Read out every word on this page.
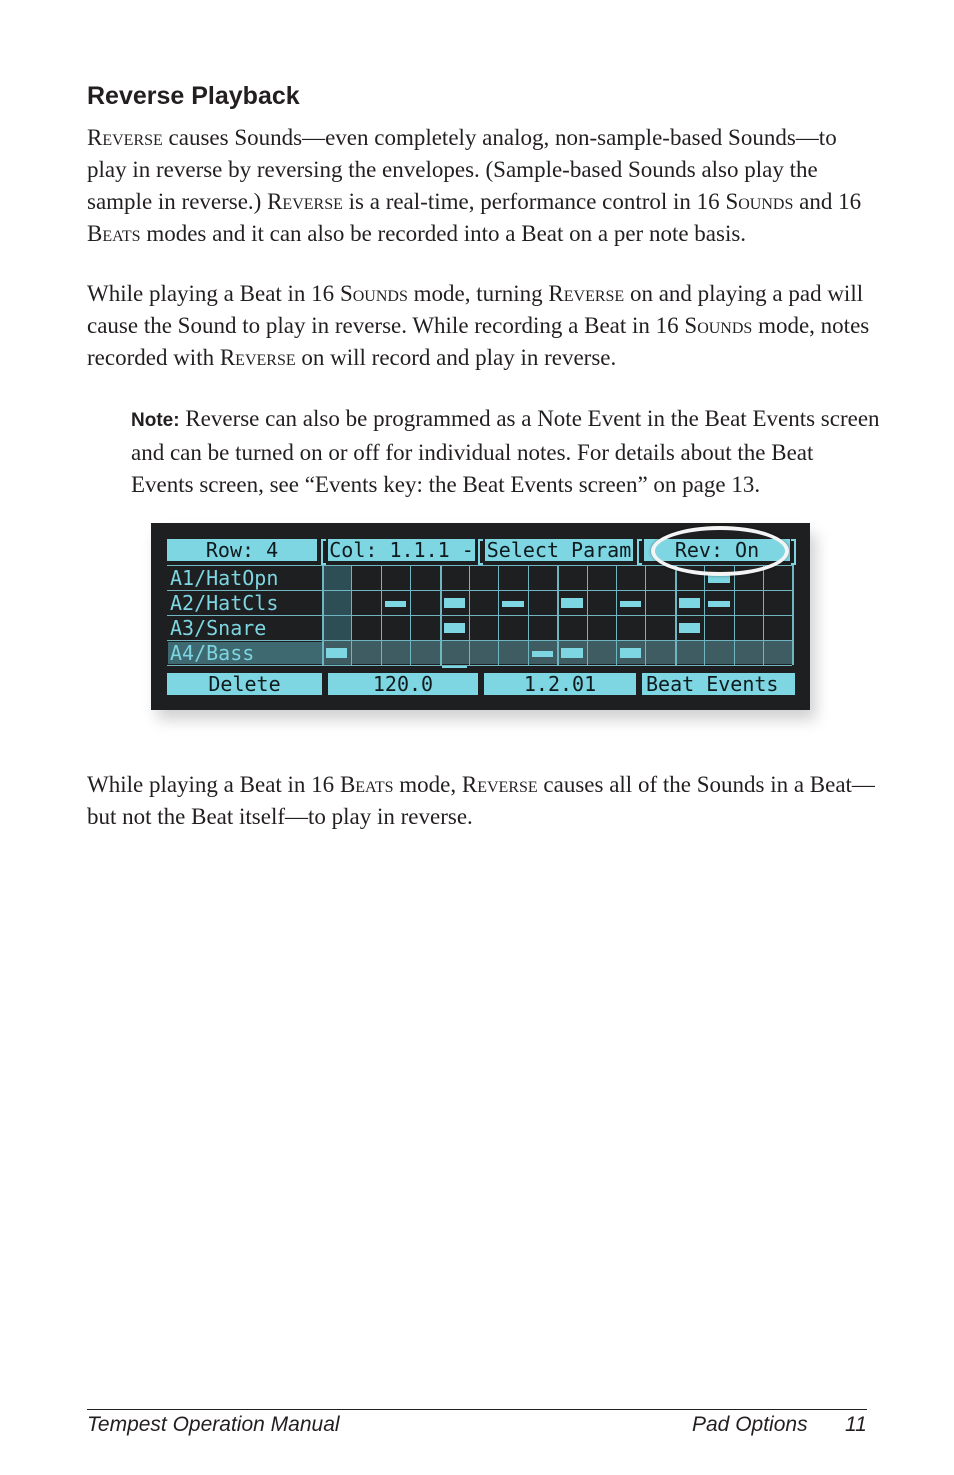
Reverse Playback

Reverse causes Sounds—even completely analog, non-sample-based Sounds—to play in reverse by reversing the envelopes. (Sample-based Sounds also play the sample in reverse.) Reverse is a real-time, performance control in 16 Sounds and 16 Beats modes and it can also be recorded into a Beat on a per note basis.

While playing a Beat in 16 Sounds mode, turning Reverse on and playing a pad will cause the Sound to play in reverse. While recording a Beat in 16 Sounds mode, notes recorded with Reverse on will record and play in reverse.

Note: Reverse can also be programmed as a Note Event in the Beat Events screen and can be turned on or off for individual notes. For details about the Beat Events screen, see “Events key: the Beat Events screen” on page 13.

Row: 4	Col: 1.1.1 - Select Param	Rev: On
A1/HatOpn
A2/HatCls
A3/Snare
A4/Bass
Delete	120.0	1.2.01	Beat Events

While playing a Beat in 16 Beats mode, Reverse causes all of the Sounds in a Beat—but not the Beat itself—to play in reverse.

Tempest Operation Manual	Pad Options 11
